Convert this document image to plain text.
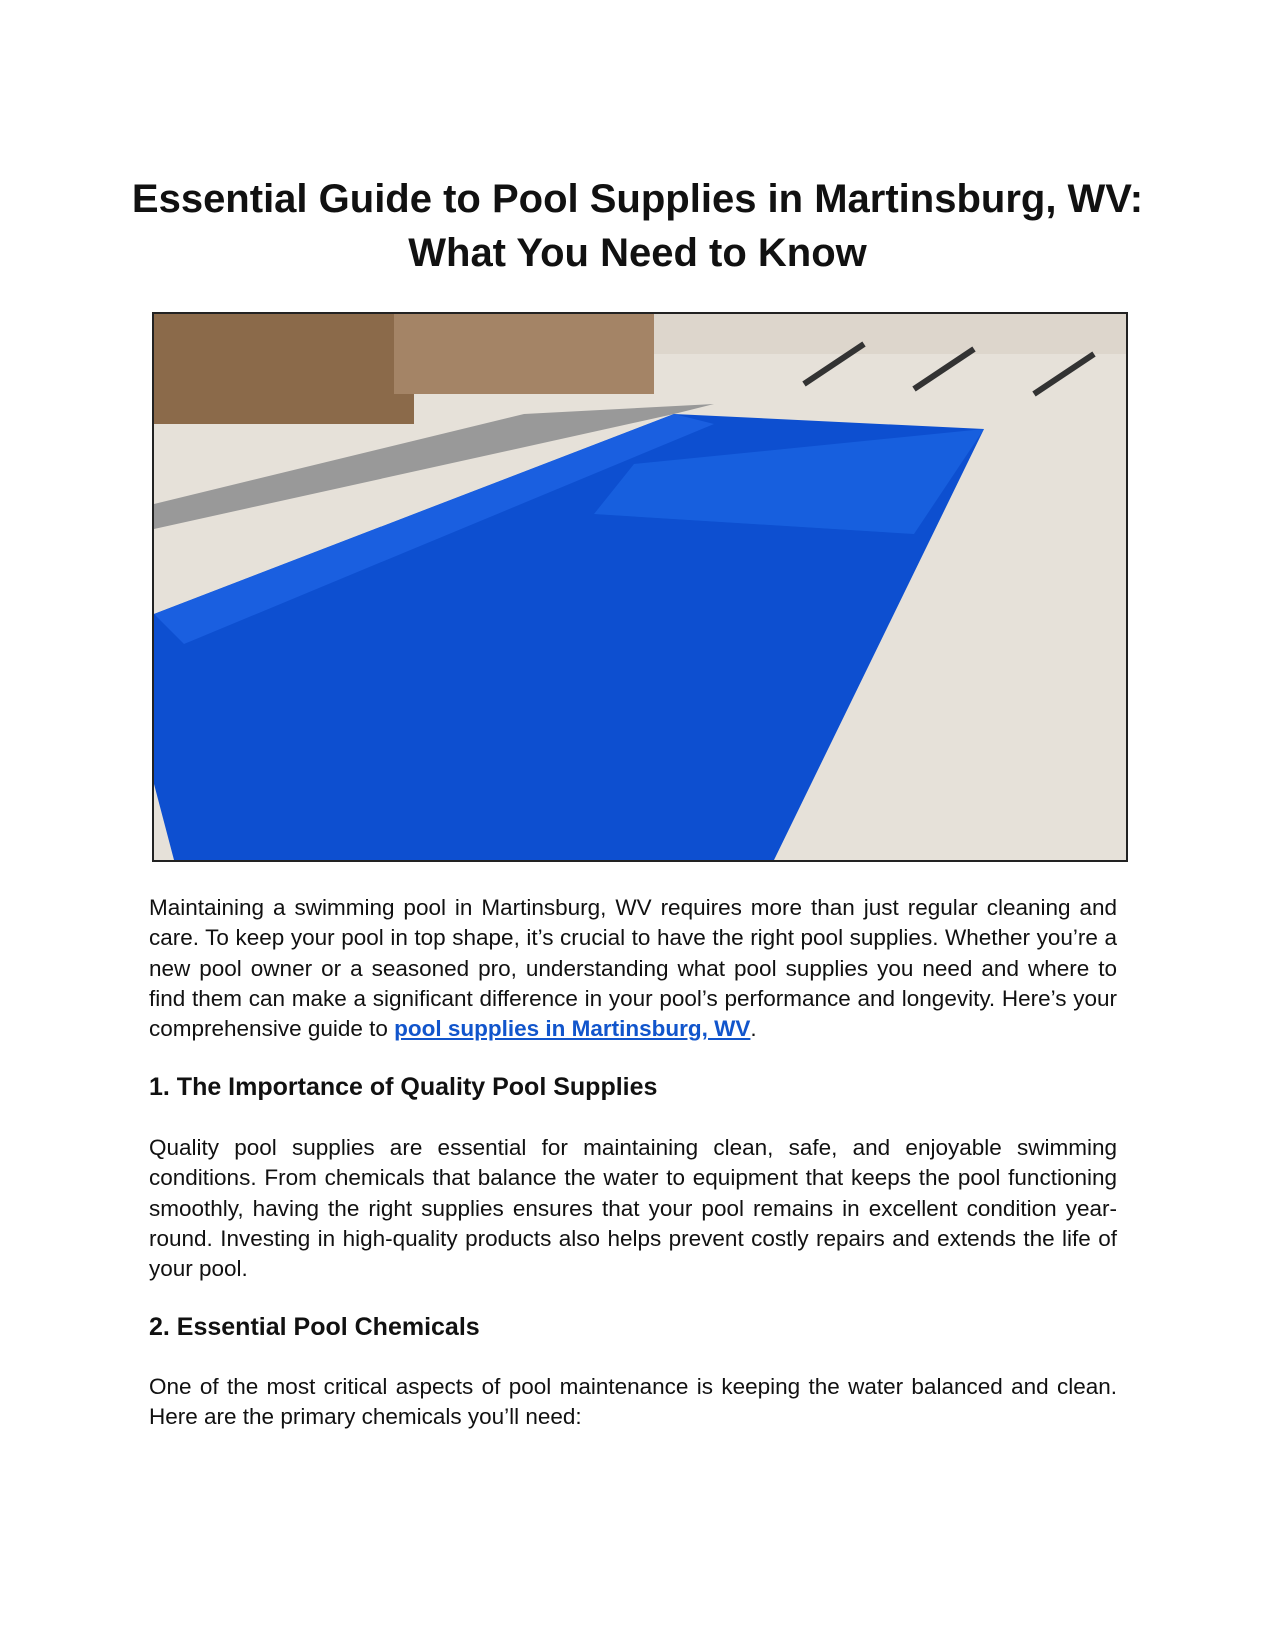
Essential Guide to Pool Supplies in Martinsburg, WV: What You Need to Know

Maintaining a swimming pool in Martinsburg, WV requires more than just regular cleaning and care. To keep your pool in top shape, it’s crucial to have the right pool supplies. Whether you’re a new pool owner or a seasoned pro, understanding what pool supplies you need and where to find them can make a significant difference in your pool’s performance and longevity. Here’s your comprehensive guide to pool supplies in Martinsburg, WV.

1. The Importance of Quality Pool Supplies

Quality pool supplies are essential for maintaining clean, safe, and enjoyable swimming conditions. From chemicals that balance the water to equipment that keeps the pool functioning smoothly, having the right supplies ensures that your pool remains in excellent condition year-round. Investing in high-quality products also helps prevent costly repairs and extends the life of your pool.

2. Essential Pool Chemicals

One of the most critical aspects of pool maintenance is keeping the water balanced and clean. Here are the primary chemicals you’ll need:
